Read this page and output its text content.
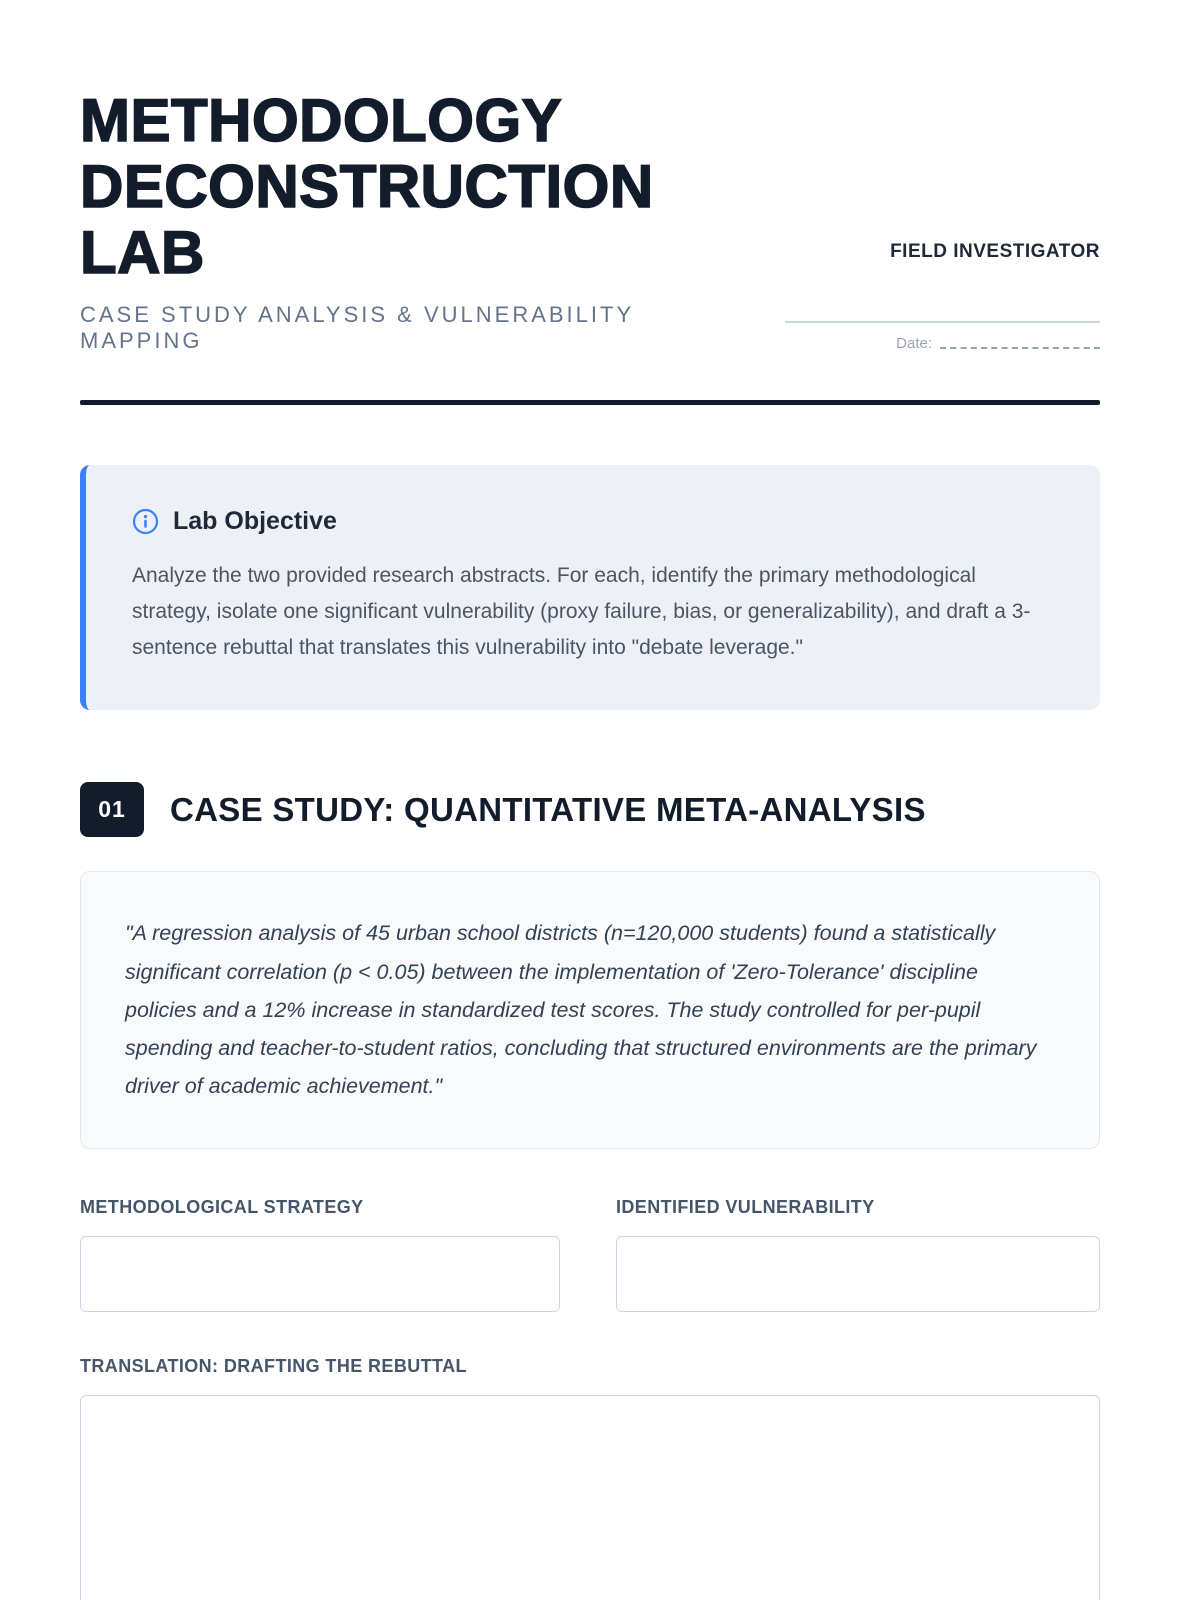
METHODOLOGY
DECONSTRUCTION
LAB
CASE STUDY ANALYSIS & VULNERABILITY MAPPING
FIELD INVESTIGATOR
Date:
Lab Objective
Analyze the two provided research abstracts. For each, identify the primary methodological strategy, isolate one significant vulnerability (proxy failure, bias, or generalizability), and draft a 3-sentence rebuttal that translates this vulnerability into "debate leverage."
01	CASE STUDY: QUANTITATIVE META-ANALYSIS
"A regression analysis of 45 urban school districts (n=120,000 students) found a statistically significant correlation (p < 0.05) between the implementation of 'Zero-Tolerance' discipline policies and a 12% increase in standardized test scores. The study controlled for per-pupil spending and teacher-to-student ratios, concluding that structured environments are the primary driver of academic achievement."
METHODOLOGICAL STRATEGY	IDENTIFIED VULNERABILITY
TRANSLATION: DRAFTING THE REBUTTAL
